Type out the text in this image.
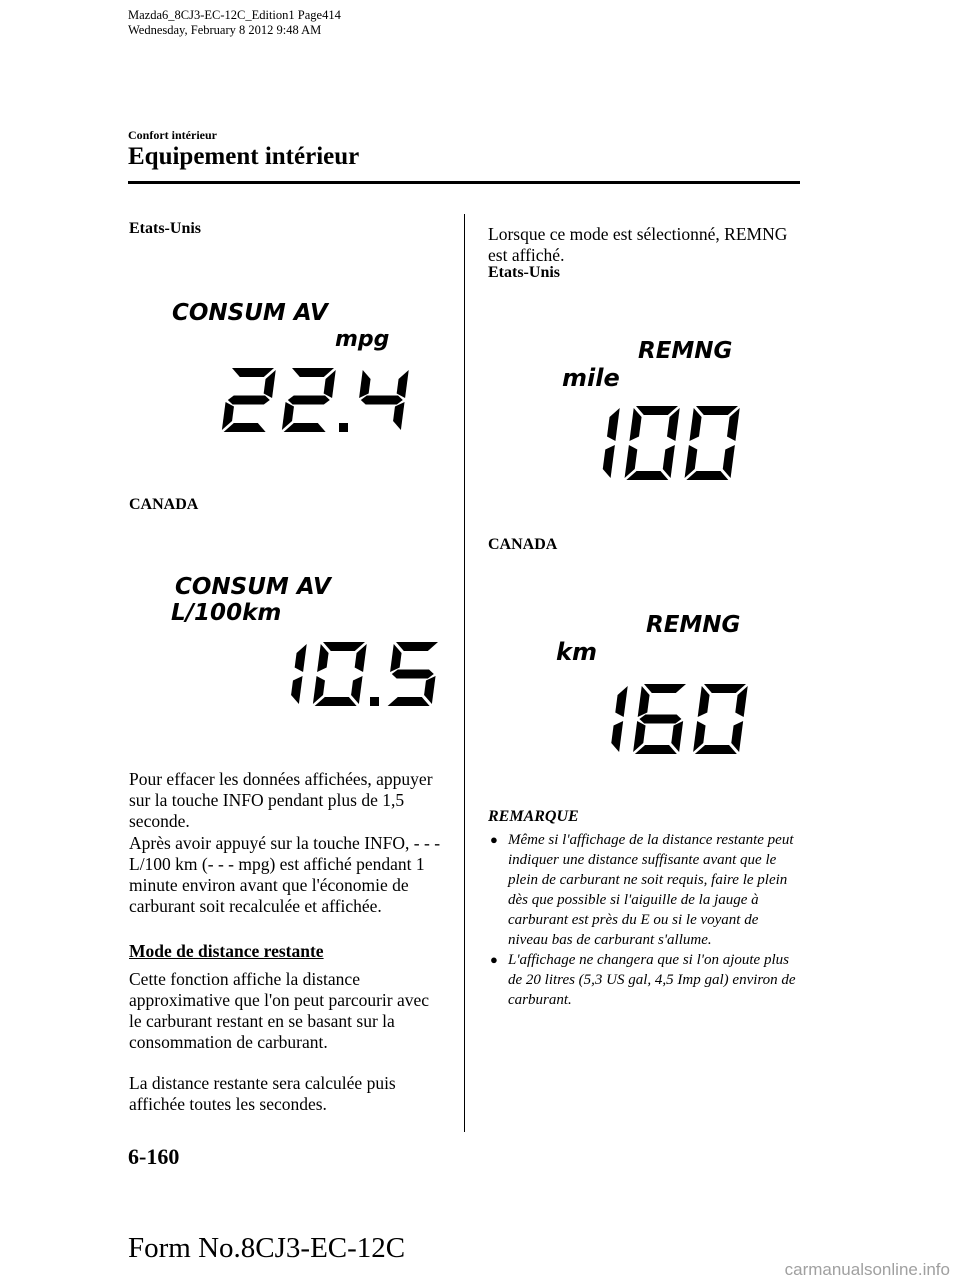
Mazda6_8CJ3-EC-12C_Edition1 Page414
Wednesday, February 8 2012 9:48 AM
Confort intérieur
Equipement intérieur
Etats-Unis
CONSUM AV
mpg
CANADA
CONSUM AV
L/100km
Pour effacer les données affichées, appuyer sur la touche INFO pendant plus de 1,5 seconde.
Après avoir appuyé sur la touche INFO, - - - L/100 km (- - - mpg) est affiché pendant 1 minute environ avant que l'économie de carburant soit recalculée et affichée.
Mode de distance restante
Cette fonction affiche la distance approximative que l'on peut parcourir avec le carburant restant en se basant sur la consommation de carburant.
La distance restante sera calculée puis affichée toutes les secondes.
Lorsque ce mode est sélectionné, REMNG est affiché.
Etats-Unis
REMNG
mile
CANADA
REMNG
km
REMARQUE
● Même si l'affichage de la distance restante peut indiquer une distance suffisante avant que le plein de carburant ne soit requis, faire le plein dès que possible si l'aiguille de la jauge à carburant est près du E ou si le voyant de niveau bas de carburant s'allume.
● L'affichage ne changera que si l'on ajoute plus de 20 litres (5,3 US gal, 4,5 Imp gal) environ de carburant.
6-160
Form No.8CJ3-EC-12C
carmanualsonline.info
